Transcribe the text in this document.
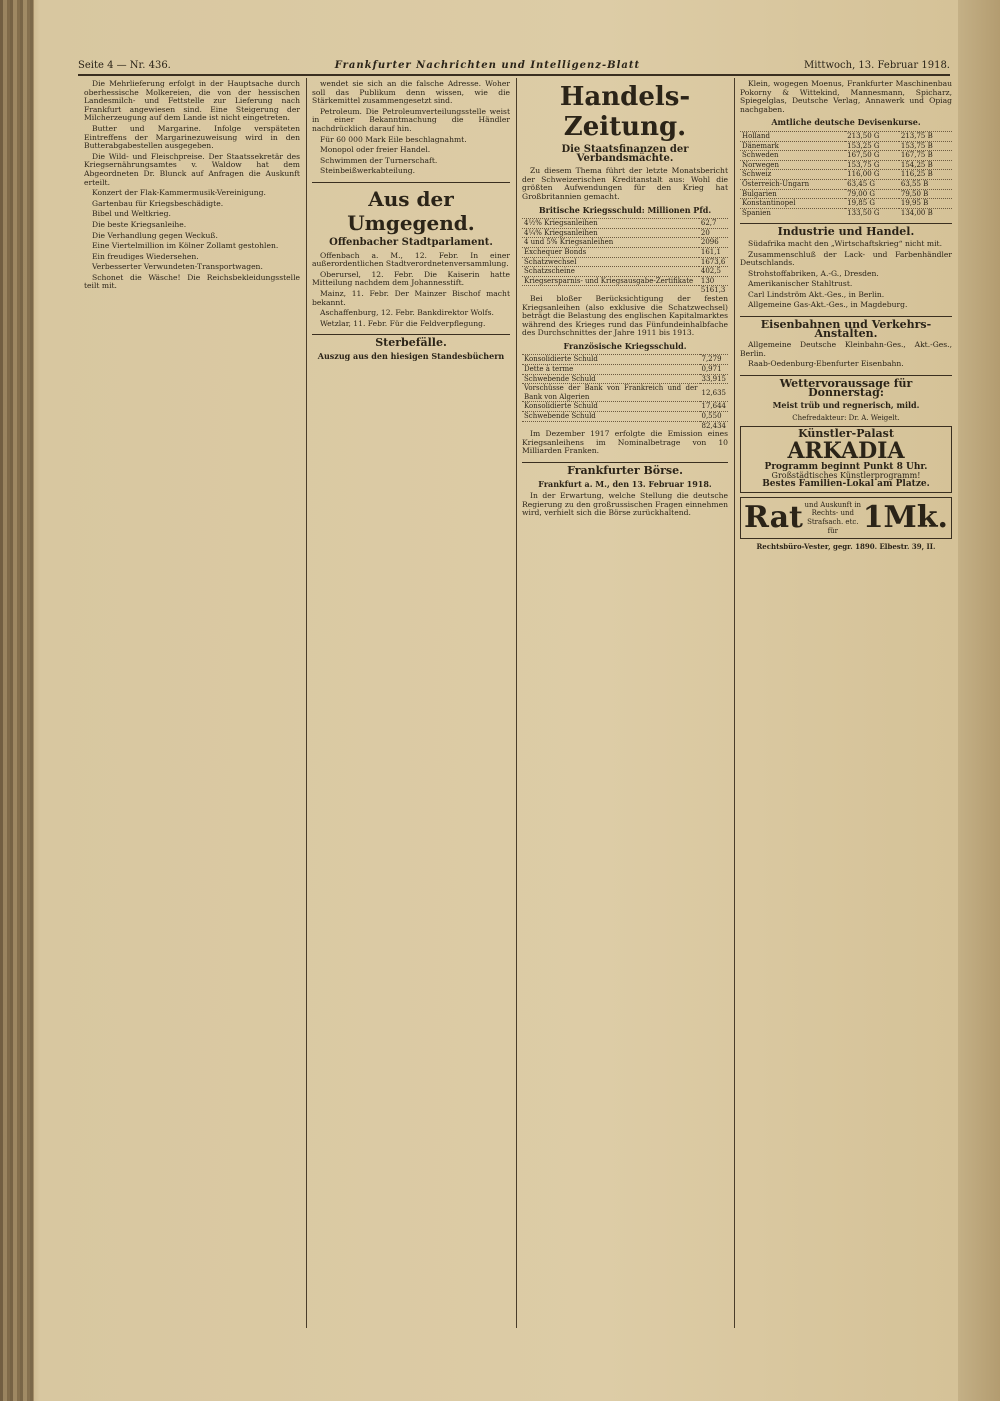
Seite 4 — Nr. 436.	Frankfurter Nachrichten und Intelligenz-Blatt	Mittwoch, 13. Februar 1918.

Die Mehrlieferung erfolgt in der Hauptsache durch oberhessische Molkereien, die von der hessischen Landesmilch- und Fettstelle zur Lieferung nach Frankfurt angewiesen sind. Eine Steigerung der Milcherzeugung auf dem Lande ist nicht eingetreten.

Butter und Margarine. Infolge verspäteten Eintreffens der Margarinezuweisung wird in den Butterabgabestellen ausgegeben.

Die Wild- und Fleischpreise. Der Staatssekretär des Kriegsernährungsamtes v. Waldow hat dem Abgeordneten Dr. Blunck auf Anfragen die Auskunft erteilt.

Konzert der Flak-Kammermusik-Vereinigung.

Gartenbau für Kriegsbeschädigte.

Bibel und Weltkrieg.

Die beste Kriegsanleihe.

Die Verhandlung gegen Weckuß.

Eine Viertelmillion im Kölner Zollamt gestohlen.

Ein freudiges Wiedersehen.

Verbesserter Verwundeten-Transportwagen.

Schonet die Wäsche! Die Reichsbekleidungsstelle teilt mit.

wendet sie sich an die falsche Adresse. Woher soll das Publikum denn wissen, wie die Stärkemittel zusammengesetzt sind.

Petroleum. Die Petroleumverteilungsstelle weist in einer Bekanntmachung die Händler nachdrücklich darauf hin.

Für 60 000 Mark Eile beschlagnahmt.

Monopol oder freier Handel.

Schwimmen der Turnerschaft.

Steinbeißwerkabteilung.

Aus der Umgegend.
Offenbacher Stadtparlament.

Offenbach a. M., 12. Febr. In einer außerordentlichen Stadtverordnetenversammlung.

Oberursel, 12. Febr. Die Kaiserin hatte Mitteilung nachdem dem Johannesstift.

Mainz, 11. Febr. Der Mainzer Bischof macht bekannt.

Aschaffenburg, 12. Febr. Bankdirektor Wolfs.

Wetzlar, 11. Febr. Für die Feldverpflegung.

Sterbefälle.
Auszug aus den hiesigen Standesbüchern
Handels-Zeitung.
Die Staatsfinanzen der Verbandsmächte.

Zu diesem Thema führt der letzte Monatsbericht der Schweizerischen Kreditanstalt aus: Wohl die größten Aufwendungen für den Krieg hat Großbritannien gemacht.

Britische Kriegsschuld: Millionen Pfd.
4½% Kriegsanleihen	62,7
4¼% Kriegsanleihen	20
4 und 5% Kriegsanleihen	2096
Exchequer Bonds	161,1
Schatzwechsel	1673,6
Schatzscheine	402,5
Kriegsersparnis- und Kriegsausgabe-Zertifikate	130
	5161,3

Bei bloßer Berücksichtigung der festen Kriegsanleihen (also exklusive die Schatzwechsel) beträgt die Belastung des englischen Kapitalmarktes während des Krieges rund das Fünfundeinhalbfache des Durchschnittes der Jahre 1911 bis 1913.

Französische Kriegsschuld.
Konsolidierte Schuld	7,279
Dette à terme	0,971
Schwebende Schuld	33,915
Vorschüsse der Bank von Frankreich und der Bank von Algerien	12,635
Konsolidierte Schuld	17,644
Schwebende Schuld	0,550
	82,434

Im Dezember 1917 erfolgte die Emission eines Kriegsanleihens im Nominalbetrage von 10 Milliarden Franken.

Frankfurter Börse.
Frankfurt a. M., den 13. Februar 1918.

In der Erwartung, welche Stellung die deutsche Regierung zu den großrussischen Fragen einnehmen wird, verhielt sich die Börse zurückhaltend.

Klein, wogegen Moenus, Frankfurter Maschinenbau Pokorny & Wittekind, Mannesmann, Spicharz, Spiegelglas, Deutsche Verlag, Annawerk und Opiag nachgaben.

Amtliche deutsche Devisenkurse.
Holland	213,50 G	213,75 B
Dänemark	153,25 G	153,75 B
Schweden	167,50 G	167,75 B
Norwegen	153,75 G	154,25 B
Schweiz	116,00 G	116,25 B
Österreich-Ungarn	63,45 G	63,55 B
Bulgarien	79,00 G	79,50 B
Konstantinopel	19,85 G	19,95 B
Spanien	133,50 G	134,00 B
Industrie und Handel.

Südafrika macht den „Wirtschaftskrieg“ nicht mit.

Zusammenschluß der Lack- und Farbenhändler Deutschlands.

Strohstoffabriken, A.-G., Dresden.

Amerikanischer Stahltrust.

Carl Lindström Akt.-Ges., in Berlin.

Allgemeine Gas-Akt.-Ges., in Magdeburg.

Eisenbahnen und Verkehrs-Anstalten.

Allgemeine Deutsche Kleinbahn-Ges., Akt.-Ges., Berlin.

Raab-Oedenburg-Ebenfurter Eisenbahn.

Wettervoraussage für Donnerstag:
Meist trüb und regnerisch, mild.
Chefredakteur: Dr. A. Weigelt.
Künstler-Palast
ARKADIA
Programm beginnt Punkt 8 Uhr.
Großstädtisches Künstlerprogramm!
Bestes Familien-Lokal am Platze.
Rat und Auskunft in Rechts- und Strafsach. etc. für 1Mk.
Rechtsbüro-Vester, gegr. 1890. Elbestr. 39, II.
